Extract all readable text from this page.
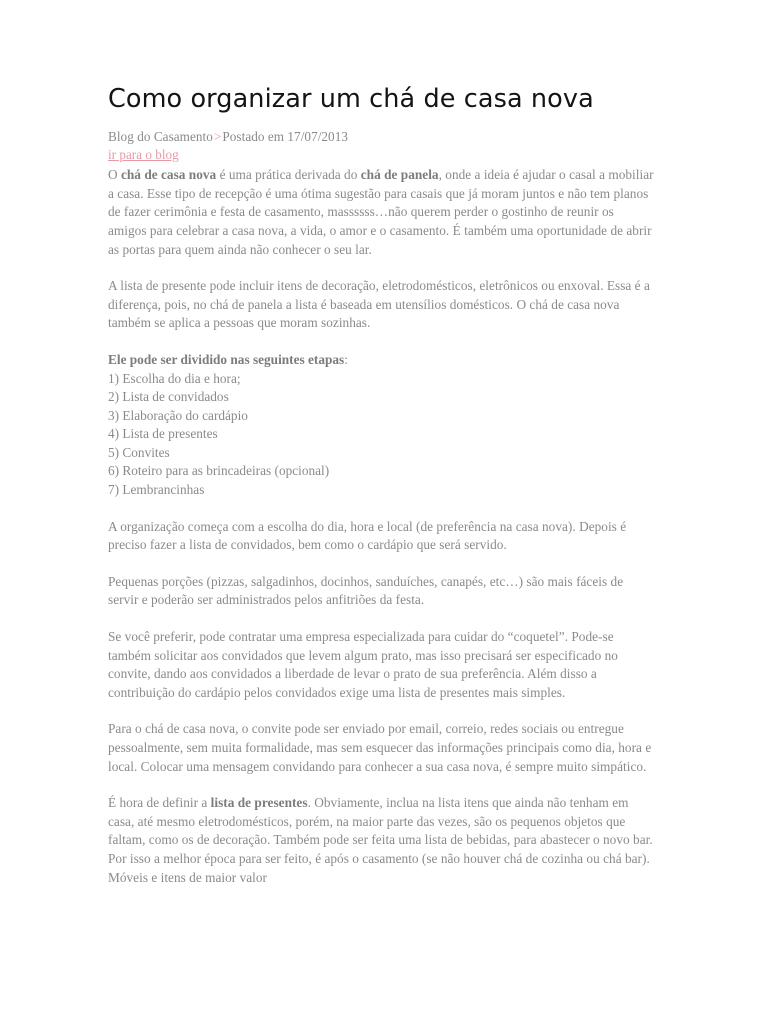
Como organizar um chá de casa nova
Blog do Casamento>Postado em 17/07/2013
ir para o blog

O chá de casa nova é uma prática derivada do chá de panela, onde a ideia é ajudar o casal a mobiliar a casa. Esse tipo de recepção é uma ótima sugestão para casais que já moram juntos e não tem planos de fazer cerimônia e festa de casamento, massssss…não querem perder o gostinho de reunir os amigos para celebrar a casa nova, a vida, o amor e o casamento. É também uma oportunidade de abrir as portas para quem ainda não conhecer o seu lar.

A lista de presente pode incluir itens de decoração, eletrodomésticos, eletrônicos ou enxoval. Essa é a diferença, pois, no chá de panela a lista é baseada em utensílios domésticos. O chá de casa nova também se aplica a pessoas que moram sozinhas.

Ele pode ser dividido nas seguintes etapas:

1) Escolha do dia e hora;
2) Lista de convidados
3) Elaboração do cardápio
4) Lista de presentes
5) Convites
6) Roteiro para as brincadeiras (opcional)
7) Lembrancinhas

A organização começa com a escolha do dia, hora e local (de preferência na casa nova). Depois é preciso fazer a lista de convidados, bem como o cardápio que será servido.

Pequenas porções (pizzas, salgadinhos, docinhos, sanduíches, canapés, etc…) são mais fáceis de servir e poderão ser administrados pelos anfitriões da festa.

Se você preferir, pode contratar uma empresa especializada para cuidar do “coquetel”. Pode-se também solicitar aos convidados que levem algum prato, mas isso precisará ser especificado no convite, dando aos convidados a liberdade de levar o prato de sua preferência. Além disso a contribuição do cardápio pelos convidados exige uma lista de presentes mais simples.

Para o chá de casa nova, o convite pode ser enviado por email, correio, redes sociais ou entregue pessoalmente, sem muita formalidade, mas sem esquecer das informações principais como dia, hora e local. Colocar uma mensagem convidando para conhecer a sua casa nova, é sempre muito simpático.

É hora de definir a lista de presentes. Obviamente, inclua na lista itens que ainda não tenham em casa, até mesmo eletrodomésticos, porém, na maior parte das vezes, são os pequenos objetos que faltam, como os de decoração. Também pode ser feita uma lista de bebidas, para abastecer o novo bar. Por isso a melhor época para ser feito, é após o casamento (se não houver chá de cozinha ou chá bar). Móveis e itens de maior valor
